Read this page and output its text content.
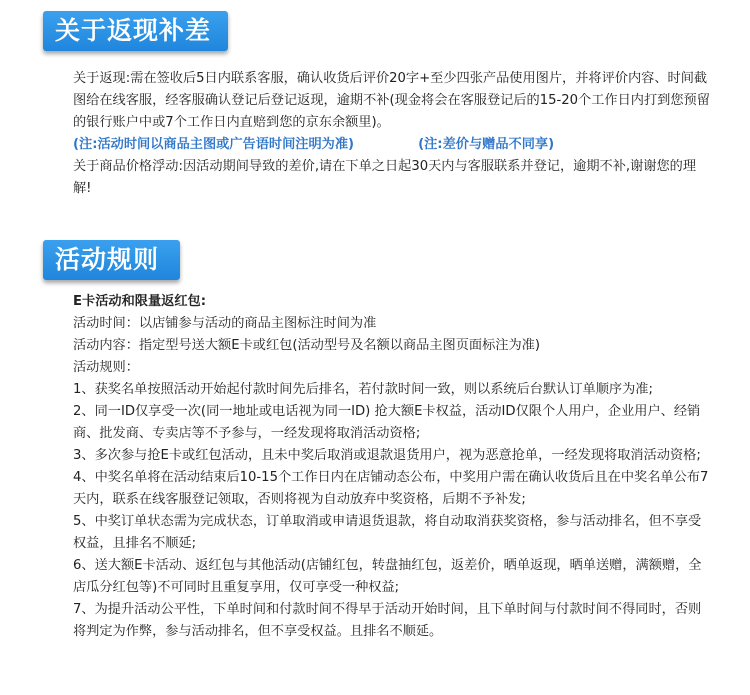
关于返现补差

关于返现:需在签收后5日内联系客服，确认收货后评价20字+至少四张产品使用图片，并将评价内容、时间截图给在线客服，经客服确认登记后登记返现，逾期不补(现金将会在客服登记后的15-20个工作日内打到您预留的银行账户中或7个工作日内直赔到您的京东余额里)。

(注:活动时间以商品主图或广告语时间注明为准)	(注:差价与赠品不同享)

关于商品价格浮动:因活动期间导致的差价,请在下单之日起30天内与客服联系并登记，逾期不补,谢谢您的理解!

活动规则

E卡活动和限量返红包:

活动时间：以店铺参与活动的商品主图标注时间为准

活动内容：指定型号送大额E卡或红包(活动型号及名额以商品主图页面标注为准)

活动规则：

1、获奖名单按照活动开始起付款时间先后排名，若付款时间一致，则以系统后台默认订单顺序为准;

2、同一ID仅享受一次(同一地址或电话视为同一ID) 抢大额E卡权益，活动ID仅限个人用户，企业用户、经销商、批发商、专卖店等不予参与，一经发现将取消活动资格;

3、多次参与抢E卡或红包活动，且未中奖后取消或退款退货用户，视为恶意抢单，一经发现将取消活动资格;

4、中奖名单将在活动结束后10-15个工作日内在店铺动态公布，中奖用户需在确认收货后且在中奖名单公布7天内，联系在线客服登记领取，否则将视为自动放弃中奖资格，后期不予补发;

5、中奖订单状态需为完成状态，订单取消或申请退货退款，将自动取消获奖资格，参与活动排名，但不享受权益，且排名不顺延;

6、送大额E卡活动、返红包与其他活动(店铺红包，转盘抽红包，返差价，晒单返现，晒单送赠，满额赠，全店瓜分红包等)不可同时且重复享用，仅可享受一种权益;

7、为提升活动公平性，下单时间和付款时间不得早于活动开始时间，且下单时间与付款时间不得同时，否则将判定为作弊，参与活动排名，但不享受权益。且排名不顺延。
